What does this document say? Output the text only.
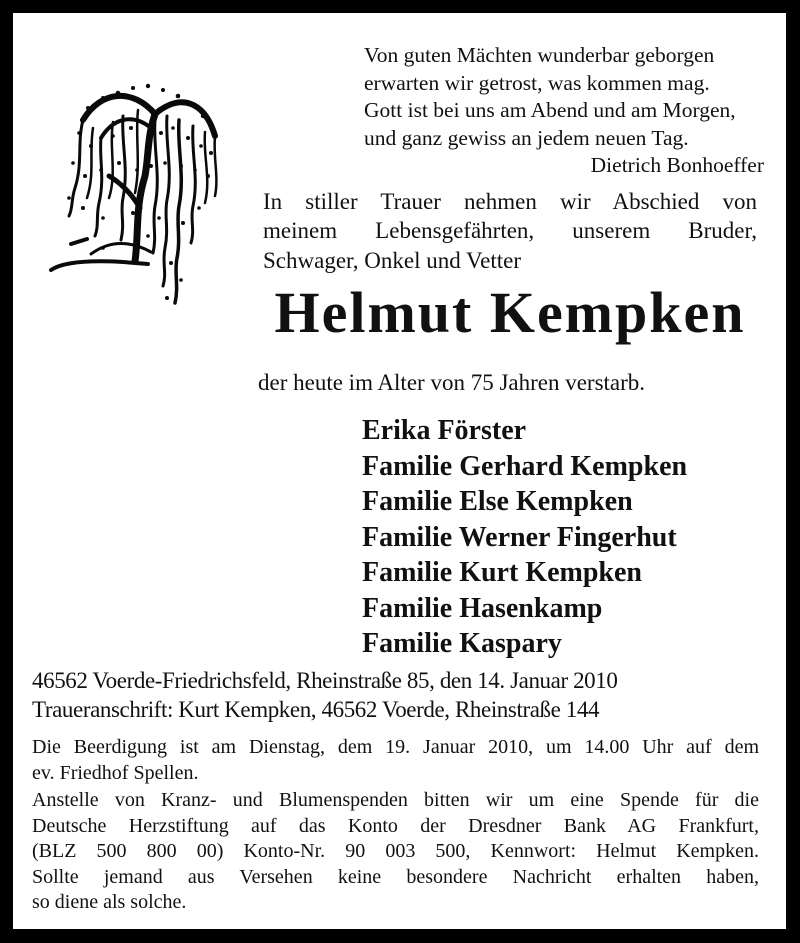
Von guten Mächten wunderbar geborgen
erwarten wir getrost, was kommen mag.
Gott ist bei uns am Abend und am Morgen,
und ganz gewiss an jedem neuen Tag.
Dietrich Bonhoeffer
In stiller Trauer nehmen wir Abschied von
meinem Lebensgefährten, unserem Bruder,
Schwager, Onkel und Vetter
Helmut Kempken
der heute im Alter von 75 Jahren verstarb.
Erika Förster
Familie Gerhard Kempken
Familie Else Kempken
Familie Werner Fingerhut
Familie Kurt Kempken
Familie Hasenkamp
Familie Kaspary
46562 Voerde-Friedrichsfeld, Rheinstraße 85, den 14. Januar 2010
Traueranschrift: Kurt Kempken, 46562 Voerde, Rheinstraße 144
Die Beerdigung ist am Dienstag, dem 19. Januar 2010, um 14.00 Uhr auf dem
ev. Friedhof Spellen.
Anstelle von Kranz- und Blumenspenden bitten wir um eine Spende für die
Deutsche Herzstiftung auf das Konto der Dresdner Bank AG Frankfurt,
(BLZ 500 800 00) Konto-Nr. 90 003 500, Kennwort: Helmut Kempken.
Sollte jemand aus Versehen keine besondere Nachricht erhalten haben,
so diene als solche.
